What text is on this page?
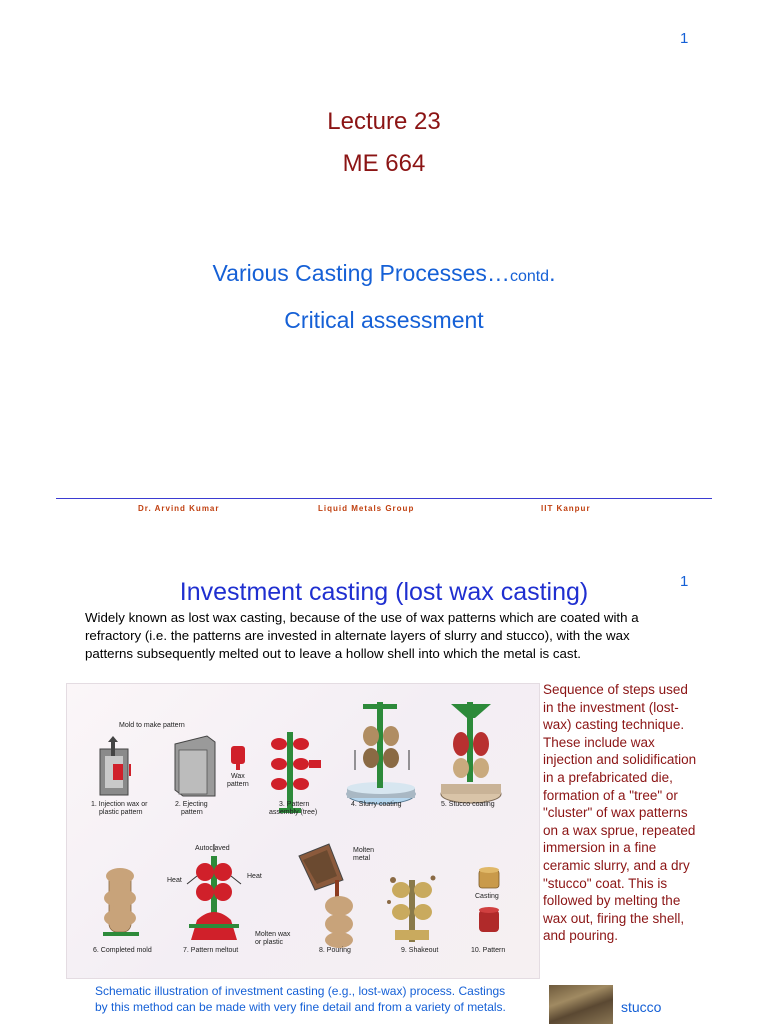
1
Lecture 23
ME 664
Various Casting Processes…contd.
Critical assessment
Dr. Arvind Kumar	Liquid Metals Group	IIT Kanpur
Investment casting (lost wax casting)	1
Widely known as lost wax casting, because of the use of wax patterns which are coated with a refractory (i.e. the patterns are invested in alternate layers of slurry and stucco), with the wax patterns subsequently melted out to leave a hollow shell into which the metal is cast.
Mold to make pattern
Wax
pattern
Autoclaved
Heat
Heat
Molten
metal
Molten wax
or plastic
Casting
1. Injection wax or
plastic pattern
2. Ejecting
pattern
3. Pattern
assembly (tree)
4. Slurry coating	5. Stucco coating
6. Completed mold	7. Pattern meltout	8. Pouring	9. Shakeout	10. Pattern
Sequence of steps used in the investment (lost-wax) casting technique. These include wax injection and solidification in a prefabricated die, formation of a "tree" or "cluster" of wax patterns on a wax sprue, repeated immersion in a fine ceramic slurry, and a dry "stucco" coat. This is followed by melting the wax out, firing the shell, and pouring.
Schematic illustration of investment casting (e.g., lost-wax) process. Castings by this method can be made with very fine detail and from a variety of metals.	stucco
